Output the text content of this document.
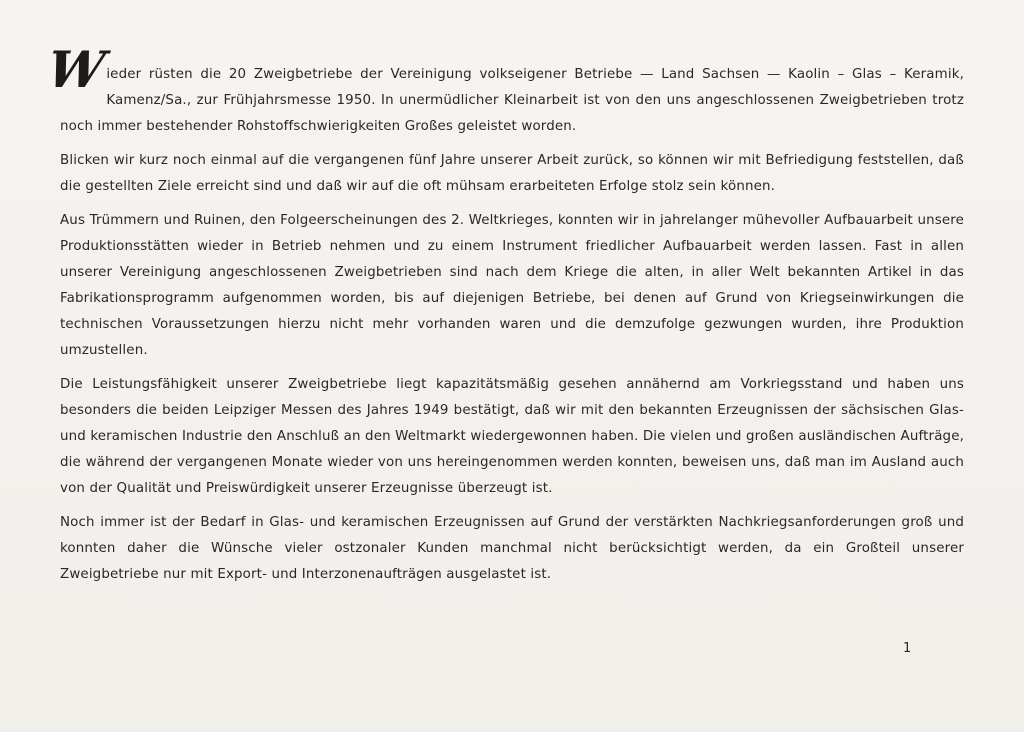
W
ieder rüsten die 20 Zweigbetriebe der Vereinigung volkseigener Betriebe — Land Sachsen — Kaolin – Glas – Keramik, Kamenz/Sa., zur Frühjahrsmesse 1950. In unermüdlicher Kleinarbeit ist von den uns angeschlossenen Zweigbetrieben trotz noch immer bestehender Rohstoffschwierigkeiten Großes geleistet worden.

Blicken wir kurz noch einmal auf die vergangenen fünf Jahre unserer Arbeit zurück, so können wir mit Befriedigung feststellen, daß die gestellten Ziele erreicht sind und daß wir auf die oft mühsam erarbeiteten Erfolge stolz sein können.

Aus Trümmern und Ruinen, den Folgeerscheinungen des 2. Weltkrieges, konnten wir in jahrelanger mühevoller Aufbauarbeit unsere Produktionsstätten wieder in Betrieb nehmen und zu einem Instrument friedlicher Aufbauarbeit werden lassen. Fast in allen unserer Vereinigung angeschlossenen Zweigbetrieben sind nach dem Kriege die alten, in aller Welt bekannten Artikel in das Fabrikationsprogramm aufgenommen worden, bis auf diejenigen Betriebe, bei denen auf Grund von Kriegseinwirkungen die technischen Voraussetzungen hierzu nicht mehr vorhanden waren und die demzufolge gezwungen wurden, ihre Produktion umzustellen.

Die Leistungsfähigkeit unserer Zweigbetriebe liegt kapazitätsmäßig gesehen annähernd am Vorkriegsstand und haben uns besonders die beiden Leipziger Messen des Jahres 1949 bestätigt, daß wir mit den bekannten Erzeugnissen der sächsischen Glas- und keramischen Industrie den Anschluß an den Weltmarkt wiedergewonnen haben. Die vielen und großen ausländischen Aufträge, die während der vergangenen Monate wieder von uns hereingenommen werden konnten, beweisen uns, daß man im Ausland auch von der Qualität und Preiswürdigkeit unserer Erzeugnisse überzeugt ist.

Noch immer ist der Bedarf in Glas- und keramischen Erzeugnissen auf Grund der verstärkten Nachkriegsanforderungen groß und konnten daher die Wünsche vieler ostzonaler Kunden manchmal nicht berücksichtigt werden, da ein Großteil unserer Zweigbetriebe nur mit Export- und Interzonenaufträgen ausgelastet ist.

1
